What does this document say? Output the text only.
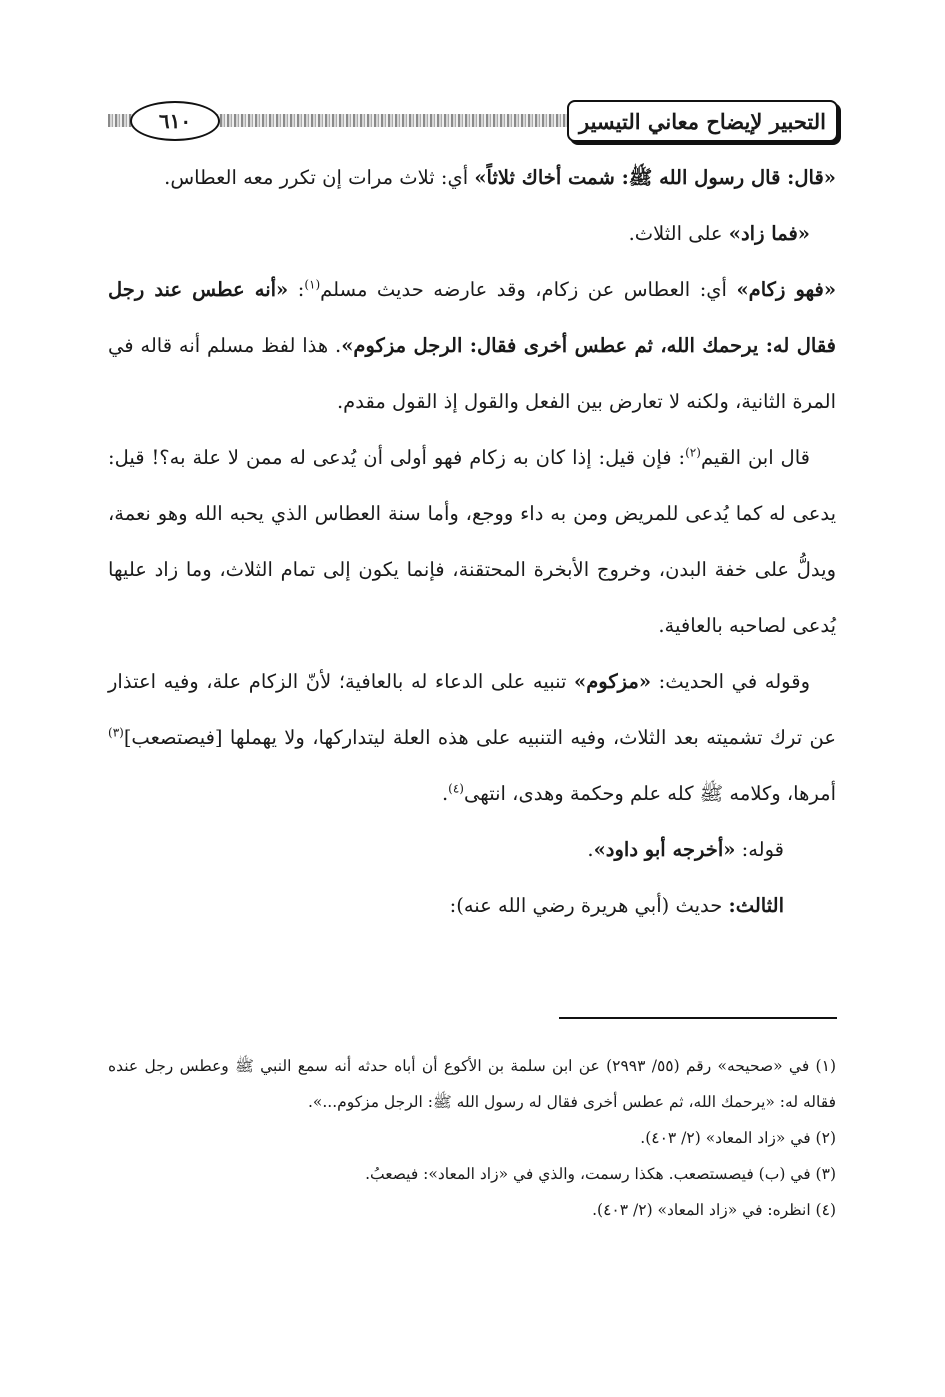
التحبير لإيضاح معاني التيسير
٦١٠

«قال: قال رسول الله ﷺ: شمت أخاك ثلاثاً» أي: ثلاث مرات إن تكرر معه العطاس.

«فما زاد» على الثلاث.

«فهو زكام» أي: العطاس عن زكام، وقد عارضه حديث مسلم$^{(١)}$: «أنه عطس عند رجل فقال له: يرحمك الله، ثم عطس أخرى فقال: الرجل مزكوم». هذا لفظ مسلم أنه قاله في المرة الثانية، ولكنه لا تعارض بين الفعل والقول إذ القول مقدم.

قال ابن القيم$^{(٢)}$: فإن قيل: إذا كان به زكام فهو أولى أن يُدعى له ممن لا علة به؟! قيل: يدعى له كما يُدعى للمريض ومن به داء ووجع، وأما سنة العطاس الذي يحبه الله وهو نعمة، ويدلُّ على خفة البدن، وخروج الأبخرة المحتقنة، فإنما يكون إلى تمام الثلاث، وما زاد عليها يُدعى لصاحبه بالعافية.

وقوله في الحديث: «مزكوم» تنبيه على الدعاء له بالعافية؛ لأنّ الزكام علة، وفيه اعتذار عن ترك تشميته بعد الثلاث، وفيه التنبيه على هذه العلة ليتداركها، ولا يهملها [فيصتصعب]$^{(٣)}$ أمرها، وكلامه ﷺ كله علم وحكمة وهدى، انتهى$^{(٤)}$.

قوله: «أخرجه أبو داود».

الثالث: حديث (أبي هريرة رضي الله عنه):

(١) في «صحيحه» رقم (٥٥/ ٢٩٩٣) عن ابن سلمة بن الأكوع أن أباه حدثه أنه سمع النبي ﷺ وعطس رجل عنده فقاله له: «يرحمك الله، ثم عطس أخرى فقال له رسول الله ﷺ: الرجل مزكوم...».

(٢) في «زاد المعاد» (٢/ ٤٠٣).

(٣) في (ب) فيصستصعب. هكذا رسمت، والذي في «زاد المعاد»: فيصعبُ.

(٤) انظره: في «زاد المعاد» (٢/ ٤٠٣).
